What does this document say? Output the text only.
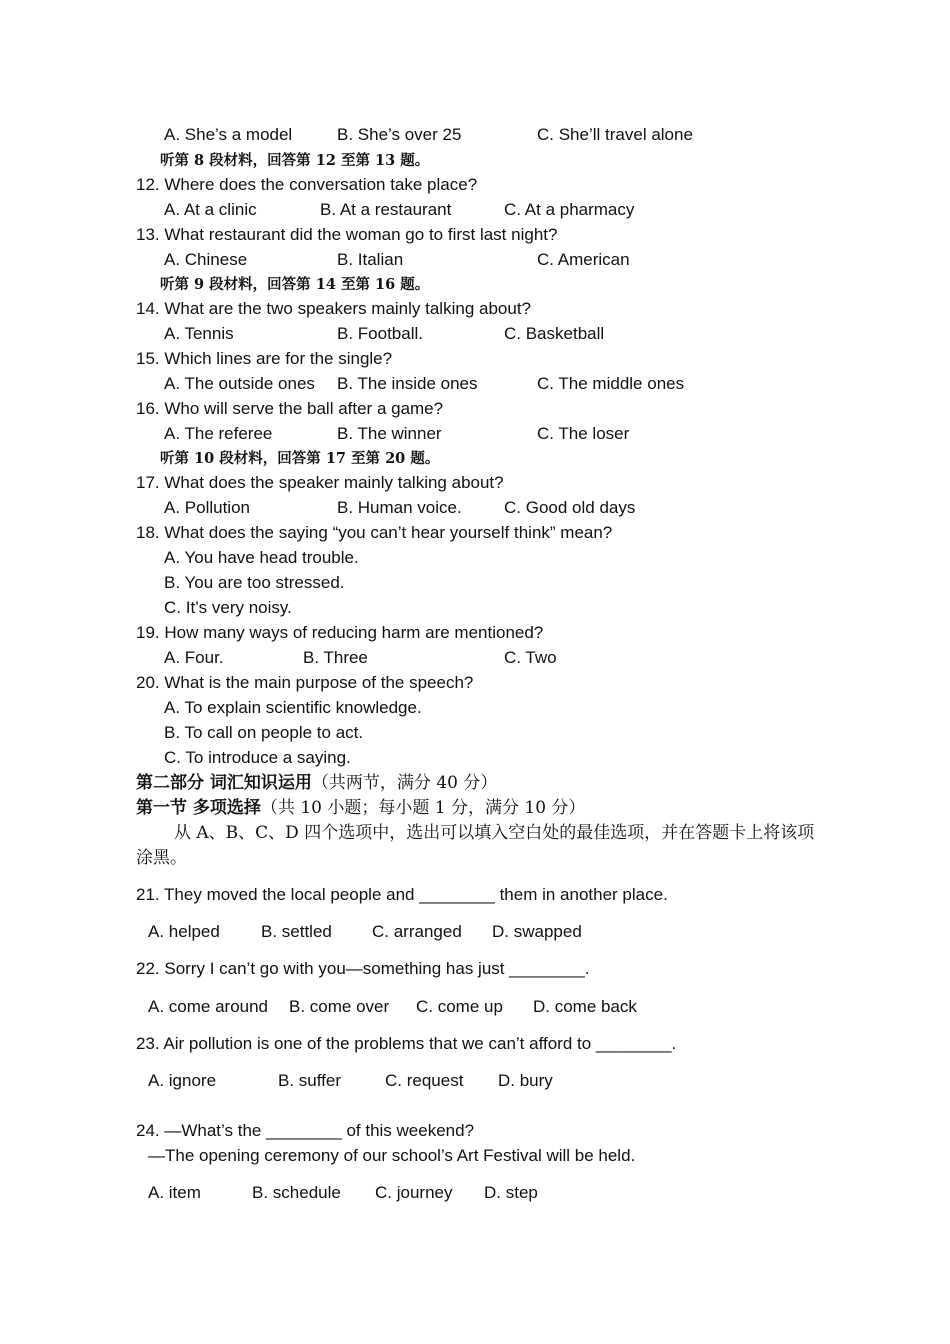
A. She’s a model	B. She’s over 25	C. She’ll travel alone
听第 8 段材料，回答第 12 至第 13 题。
12. Where does the conversation take place?
A. At a clinic	B. At a restaurant	C. At a pharmacy
13. What restaurant did the woman go to first last night?
A. Chinese	B. Italian	C. American
听第 9 段材料，回答第 14 至第 16 题。
14. What are the two speakers mainly talking about?
A. Tennis	B. Football.	C. Basketball
15. Which lines are for the single?
A. The outside ones B. The inside ones	C. The middle ones
16. Who will serve the ball after a game?
A. The referee	B. The winner	C. The loser
听第 10 段材料，回答第 17 至第 20 题。
17. What does the speaker mainly talking about?
A. Pollution	B. Human voice. C. Good old days
18. What does the saying “you can’t hear yourself think” mean?
A. You have head trouble.
B. You are too stressed.
C. It’s very noisy.
19. How many ways of reducing harm are mentioned?
A. Four.	B. Three	C. Two
20. What is the main purpose of the speech?
A. To explain scientific knowledge.
B. To call on people to act.
C. To introduce a saying.
第二部分 词汇知识运用（共两节，满分 40 分）
第一节 多项选择（共 10 小题；每小题 1 分，满分 10 分）
从 A、B、C、D 四个选项中，选出可以填入空白处的最佳选项，并在答题卡上将该项涂黑。
21. They moved the local people and ________ them in another place.
A. helped B. settled C. arranged D. swapped
22. Sorry I can’t go with you—something has just ________.
A. come around B. come over C. come up D. come back
23. Air pollution is one of the problems that we can’t afford to ________.
A. ignore	B. suffer	C. request D. bury
24. —What’s the ________ of this weekend?
—The opening ceremony of our school’s Art Festival will be held.
A. item	B. schedule C. journey D. step
